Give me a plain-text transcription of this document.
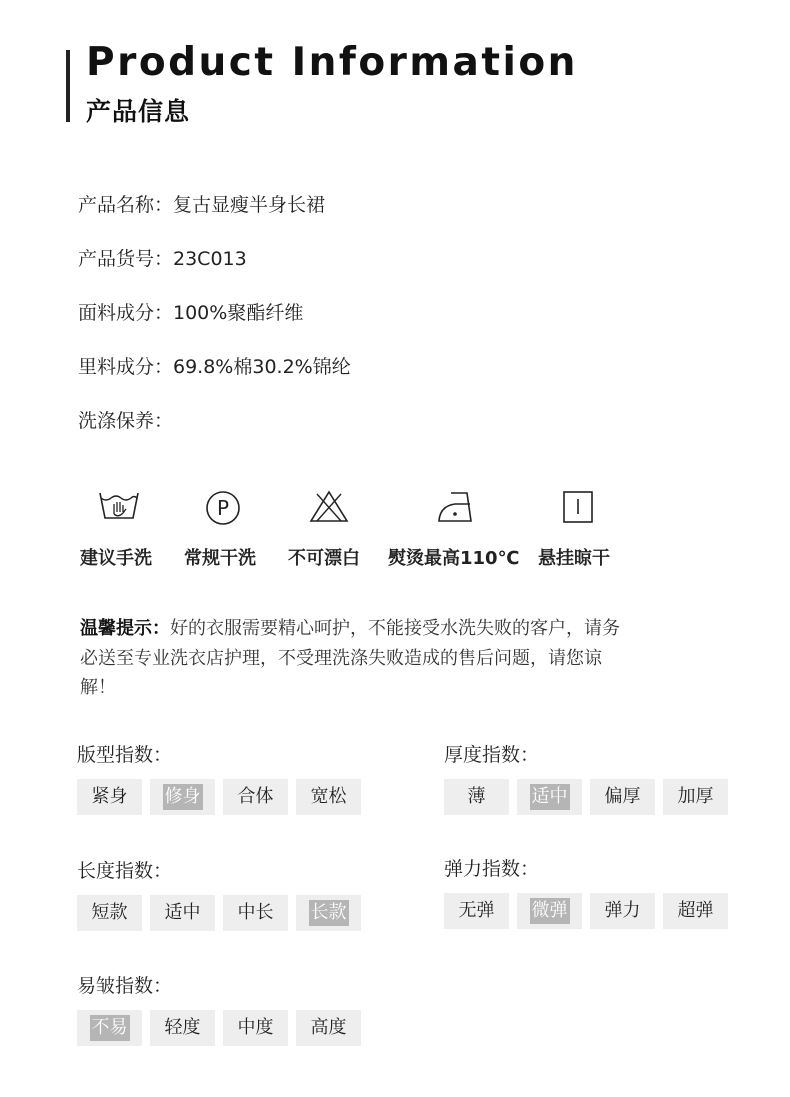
Product Information
产品信息
产品名称：复古显瘦半身长裙
产品货号：23C013
面料成分：100%聚酯纤维
里料成分：69.8%棉30.2%锦纶
洗涤保养：
P
建议手洗 常规干洗 不可漂白 熨烫最高110℃ 悬挂晾干
温馨提示：好的衣服需要精心呵护，不能接受水洗失败的客户，请务必送至专业洗衣店护理，不受理洗涤失败造成的售后问题，请您谅解！
版型指数：
紧身 修身 合体 宽松
厚度指数：
薄	适中 偏厚 加厚
长度指数：
短款 适中 中长 长款
弹力指数：
无弹 微弹 弹力 超弹
易皱指数：
不易 轻度 中度 高度
